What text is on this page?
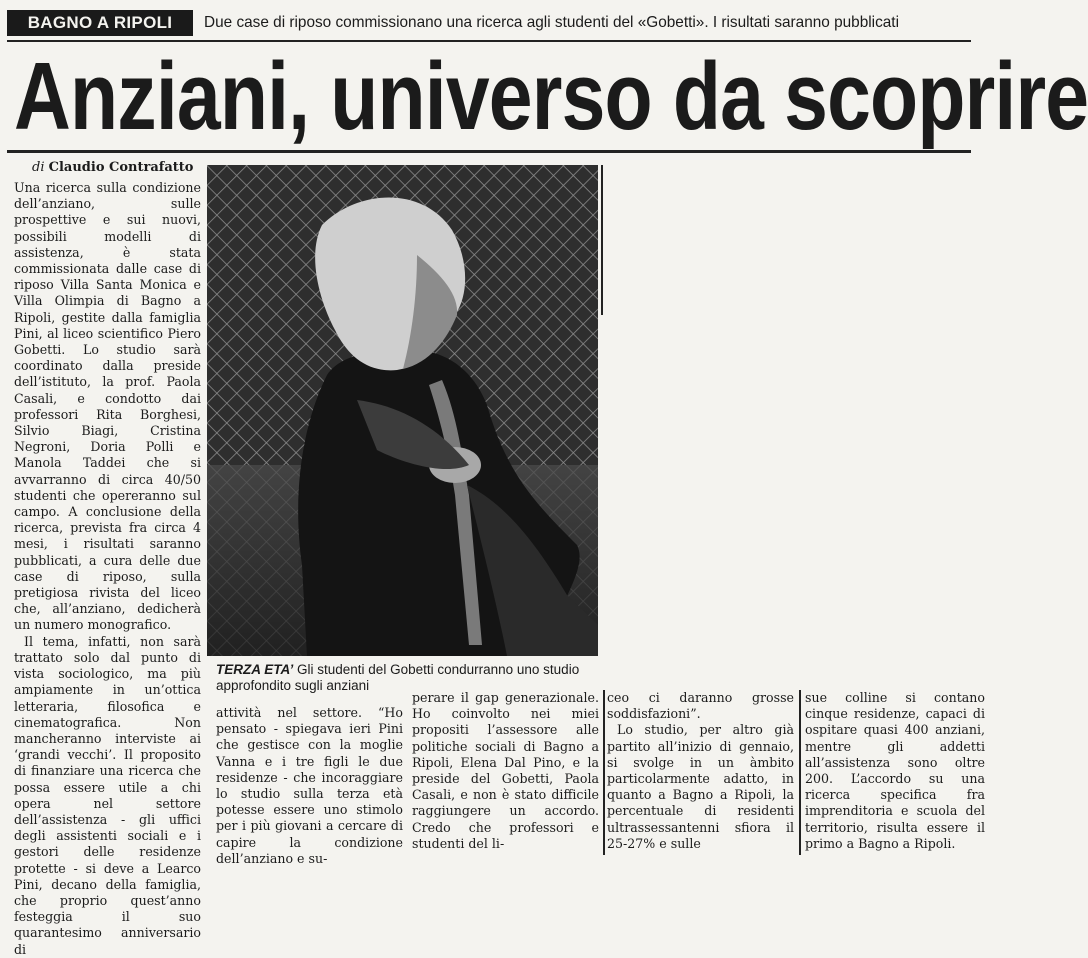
BAGNO A RIPOLI	Due case di riposo commissionano una ricerca agli studenti del «Gobetti». I risultati saranno pubblicati
Anziani, universo da scoprire
di Claudio Contrafatto

Una ricerca sulla condizione dell’anziano, sulle prospettive e sui nuovi, possibili modelli di assistenza, è stata commissionata dalle case di riposo Villa Santa Monica e Villa Olimpia di Bagno a Ripoli, gestite dalla famiglia Pini, al liceo scientifico Piero Gobetti. Lo studio sarà coordinato dalla preside dell’istituto, la prof. Paola Casali, e condotto dai professori Rita Borghesi, Silvio Biagi, Cristina Negroni, Doria Polli e Manola Taddei che si avvarranno di circa 40/50 studenti che opereranno sul campo. A conclusione della ricerca, prevista fra circa 4 mesi, i risultati saranno pubblicati, a cura delle due case di riposo, sulla pretigiosa rivista del liceo che, all’anziano, dedicherà un numero monografico.

Il tema, infatti, non sarà trattato solo dal punto di vista sociologico, ma più ampiamente in un’ottica letteraria, filosofica e cinematografica. Non mancheranno interviste ai ‘grandi vecchi’. Il proposito di finanziare una ricerca che possa essere utile a chi opera nel settore dell’assistenza - gli uffici degli assistenti sociali e i gestori delle residenze protette - si deve a Learco Pini, decano della famiglia, che proprio quest’anno festeggia il suo quarantesimo anniversario di

TERZA ETA’ Gli studenti del Gobetti condurranno uno studio approfondito sugli anziani

attività nel settore. “Ho pensato - spiegava ieri Pini che gestisce con la moglie Vanna e i tre figli le due residenze - che incoraggiare lo studio sulla terza età potesse essere uno stimolo per i più giovani a cercare di capire la condizione dell’anziano e su-

perare il gap generazionale. Ho coinvolto nei miei propositi l’assessore alle politiche sociali di Bagno a Ripoli, Elena Dal Pino, e la preside del Gobetti, Paola Casali, e non è stato difficile raggiungere un accordo. Credo che professori e studenti del li-

ceo ci daranno grosse soddisfazioni”.

Lo studio, per altro già partito all’inizio di gennaio, si svolge in un àmbito particolarmente adatto, in quanto a Bagno a Ripoli, la percentuale di residenti ultrassessantenni sfiora il 25-27% e sulle

sue colline si contano cinque residenze, capaci di ospitare quasi 400 anziani, mentre gli addetti all’assistenza sono oltre 200. L’accordo su una ricerca specifica fra imprenditoria e scuola del territorio, risulta essere il primo a Bagno a Ripoli.
